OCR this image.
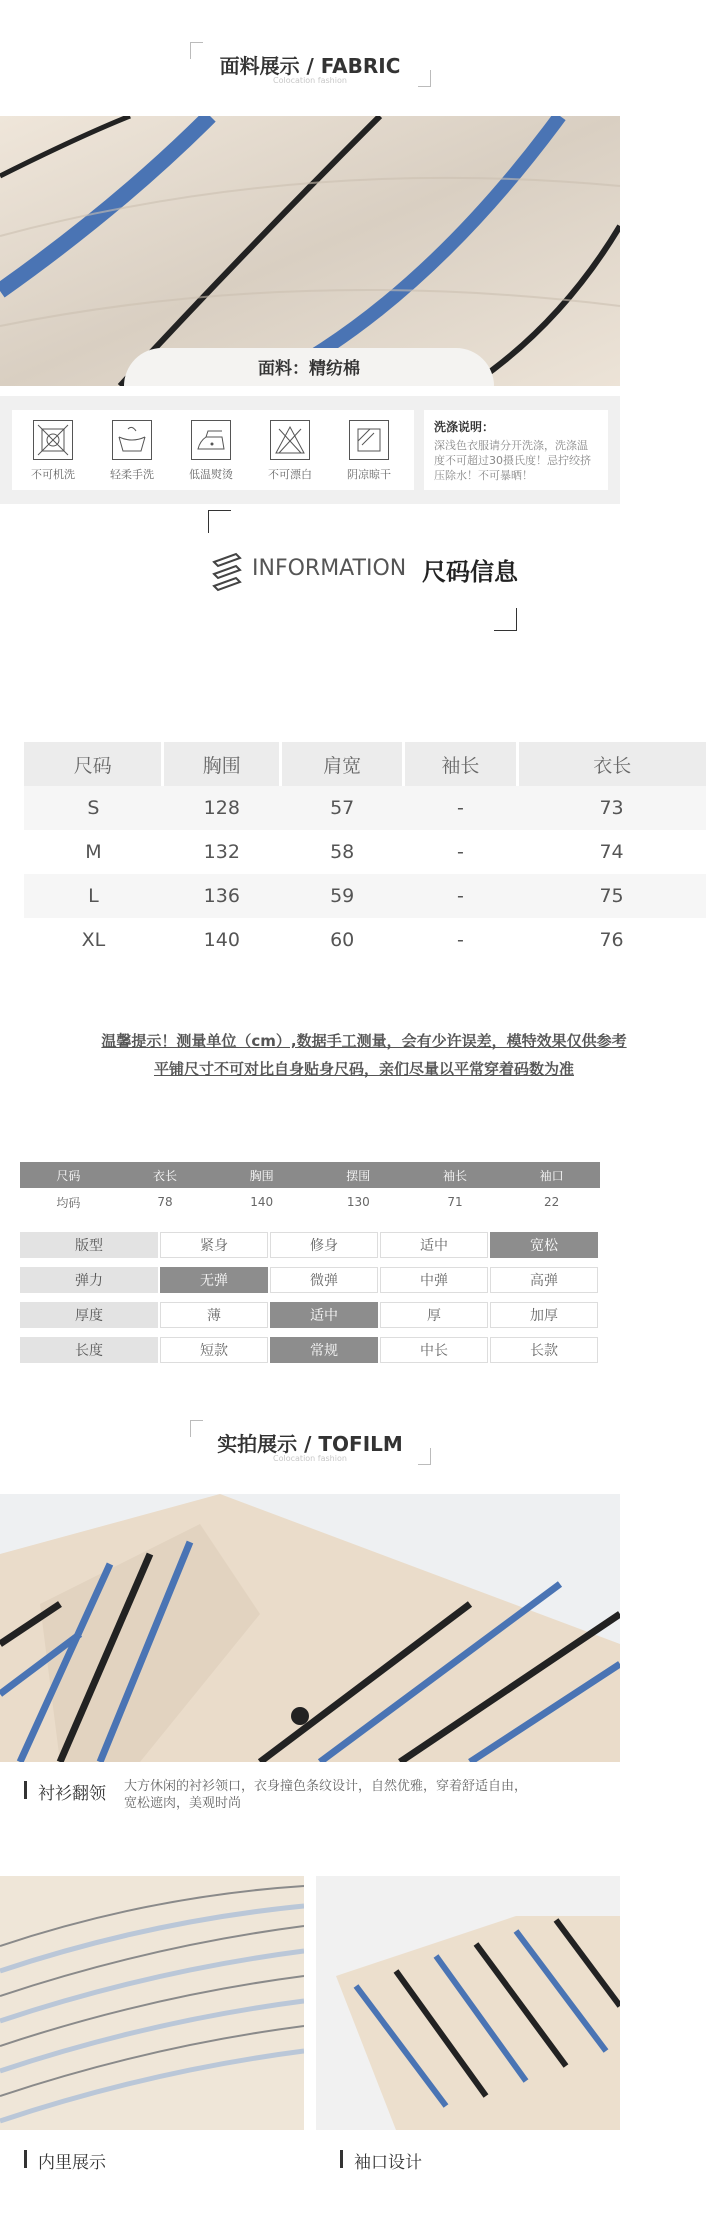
面料展示 / FABRIC
Colocation fashion
面料：精纺棉
不可机洗	轻柔手洗	低温熨烫	不可漂白	阴凉晾干
洗涤说明：
深浅色衣服请分开洗涤，洗涤温
度不可超过30摄氏度！忌拧绞挤
压除水！不可暴晒！
INFORMATION 尺码信息
尺码	胸围	肩宽	袖长	衣长
S	128	57	-	73
M	132	58	-	74
L	136	59	-	75
XL	140	60	-	76
温馨提示！测量单位（cm）,数据手工测量，会有少许误差，模特效果仅供参考
平铺尺寸不可对比自身贴身尺码，亲们尽量以平常穿着码数为准
尺码	衣长	胸围	摆围	袖长	袖口
均码	78	140	130	71	22
版型	紧身	修身	适中	宽松
弹力	无弹	微弹	中弹	高弹
厚度	薄	适中	厚	加厚
长度	短款	常规	中长	长款
实拍展示 / TOFILM
Colocation fashion
衬衫翻领 大方休闲的衬衫领口，衣身撞色条纹设计，自然优雅，穿着舒适自由，
宽松遮肉，美观时尚
内里展示	袖口设计
